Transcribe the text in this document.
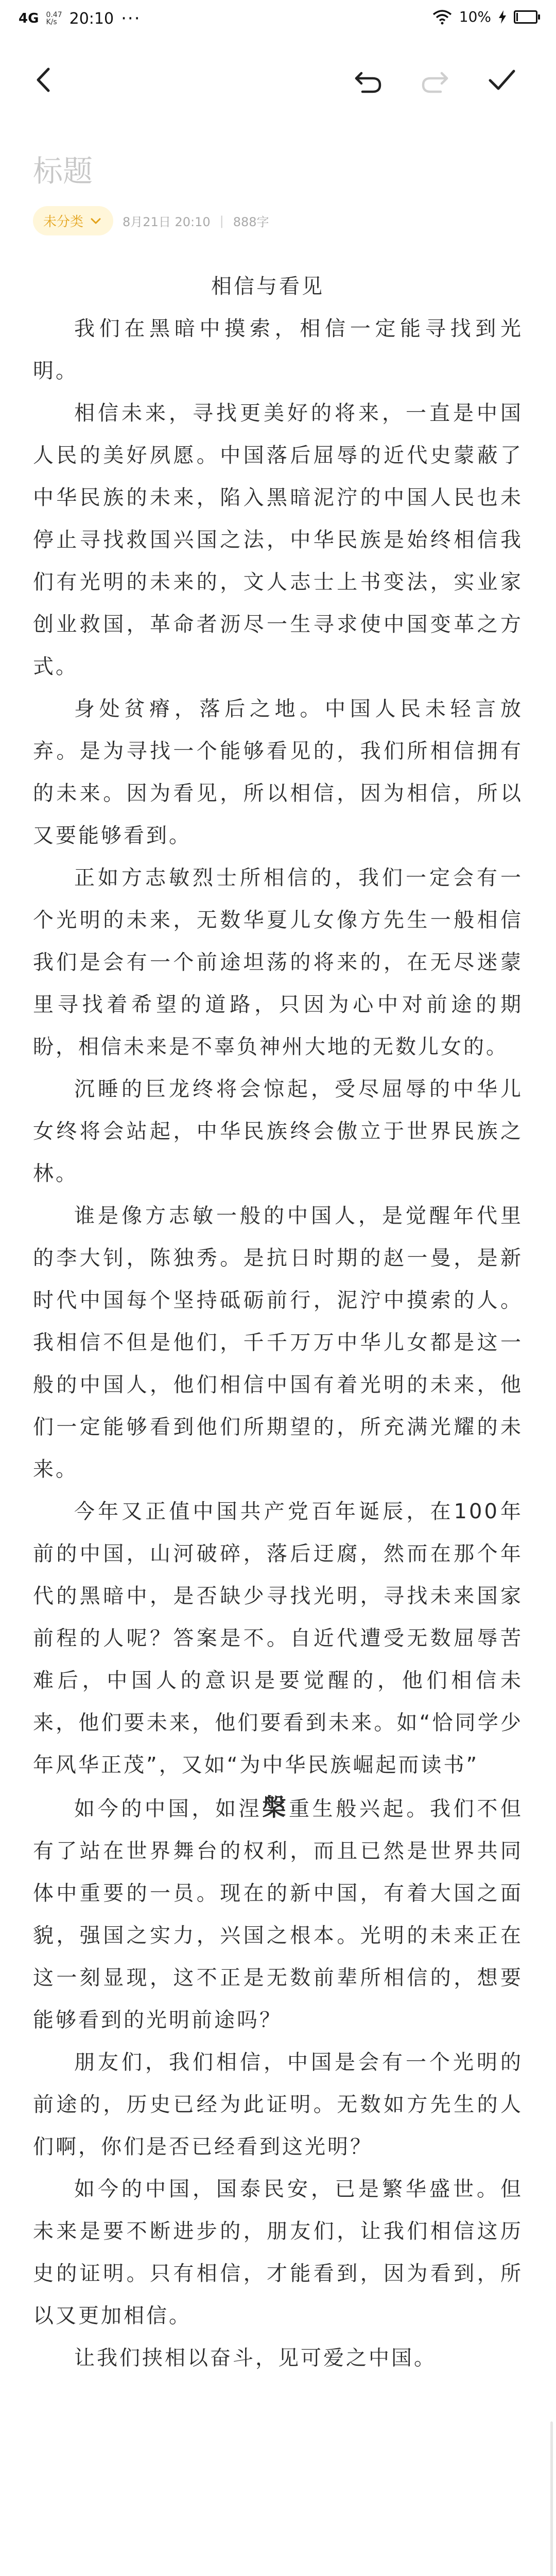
4G 0.47
K/s 20:10 ···	10%
标题
未分类	8月21日 20:10 | 888字

相信与看见

我们在黑暗中摸索，相信一定能寻找到光明。

相信未来，寻找更美好的将来，一直是中国人民的美好夙愿。中国落后屈辱的近代史蒙蔽了中华民族的未来，陷入黑暗泥泞的中国人民也未停止寻找救国兴国之法，中华民族是始终相信我们有光明的未来的，文人志士上书变法，实业家创业救国，革命者沥尽一生寻求使中国变革之方式。

身处贫瘠，落后之地。中国人民未轻言放弃。是为寻找一个能够看见的，我们所相信拥有的未来。因为看见，所以相信，因为相信，所以又要能够看到。

正如方志敏烈士所相信的，我们一定会有一个光明的未来，无数华夏儿女像方先生一般相信我们是会有一个前途坦荡的将来的，在无尽迷蒙里寻找着希望的道路，只因为心中对前途的期盼，相信未来是不辜负神州大地的无数儿女的。

沉睡的巨龙终将会惊起，受尽屈辱的中华儿女终将会站起，中华民族终会傲立于世界民族之林。

谁是像方志敏一般的中国人，是觉醒年代里的李大钊，陈独秀。是抗日时期的赵一曼，是新时代中国每个坚持砥砺前行，泥泞中摸索的人。我相信不但是他们，千千万万中华儿女都是这一般的中国人，他们相信中国有着光明的未来，他们一定能够看到他们所期望的，所充满光耀的未来。

今年又正值中国共产党百年诞辰，在100年前的中国，山河破碎，落后迂腐，然而在那个年代的黑暗中，是否缺少寻找光明，寻找未来国家前程的人呢？答案是不。自近代遭受无数屈辱苦难后，中国人的意识是要觉醒的，他们相信未来，他们要未来，他们要看到未来。如“恰同学少年风华正茂”，又如“为中华民族崛起而读书”

如今的中国，如涅槃重生般兴起。我们不但有了站在世界舞台的权利，而且已然是世界共同体中重要的一员。现在的新中国，有着大国之面貌，强国之实力，兴国之根本。光明的未来正在这一刻显现，这不正是无数前辈所相信的，想要能够看到的光明前途吗？

朋友们，我们相信，中国是会有一个光明的前途的，历史已经为此证明。无数如方先生的人们啊，你们是否已经看到这光明？

如今的中国，国泰民安，已是繁华盛世。但未来是要不断进步的，朋友们，让我们相信这历史的证明。只有相信，才能看到，因为看到，所以又更加相信。

让我们挟相以奋斗，见可爱之中国。
